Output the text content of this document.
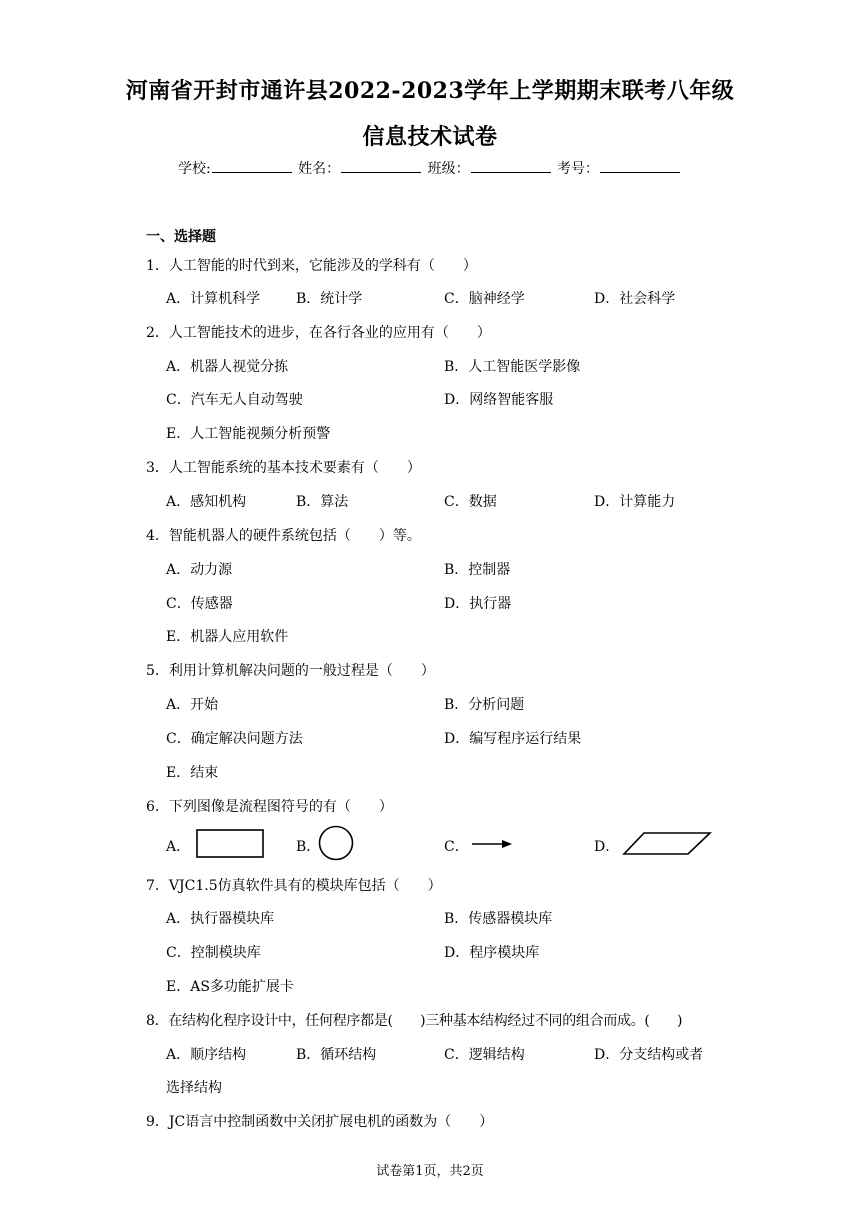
河南省开封市通许县2022-2023学年上学期期末联考八年级
信息技术试卷
学校:	姓名：	班级：	考号：
一、选择题
1．人工智能的时代到来，它能涉及的学科有（　　）
A．计算机科学	B．统计学	C．脑神经学	D．社会科学
2．人工智能技术的进步，在各行各业的应用有（　　）
A．机器人视觉分拣	B．人工智能医学影像
C．汽车无人自动驾驶	D．网络智能客服
E．人工智能视频分析预警
3．人工智能系统的基本技术要素有（　　）
A．感知机构	B．算法	C．数据	D．计算能力
4．智能机器人的硬件系统包括（　　）等。
A．动力源	B．控制器
C．传感器	D．执行器
E．机器人应用软件
5．利用计算机解决问题的一般过程是（　　）
A．开始	B．分析问题
C．确定解决问题方法	D．编写程序运行结果
E．结束
6．下列图像是流程图符号的有（　　）
A．	B．	C．	D．
7．VJC1.5仿真软件具有的模块库包括（　　）
A．执行器模块库	B．传感器模块库
C．控制模块库	D．程序模块库
E．AS多功能扩展卡
8．在结构化程序设计中，任何程序都是(　　)三种基本结构经过不同的组合而成。(　　)
A．顺序结构	B．循环结构	C．逻辑结构	D．分支结构或者
选择结构
9．JC语言中控制函数中关闭扩展电机的函数为（　　）
试卷第1页，共2页
